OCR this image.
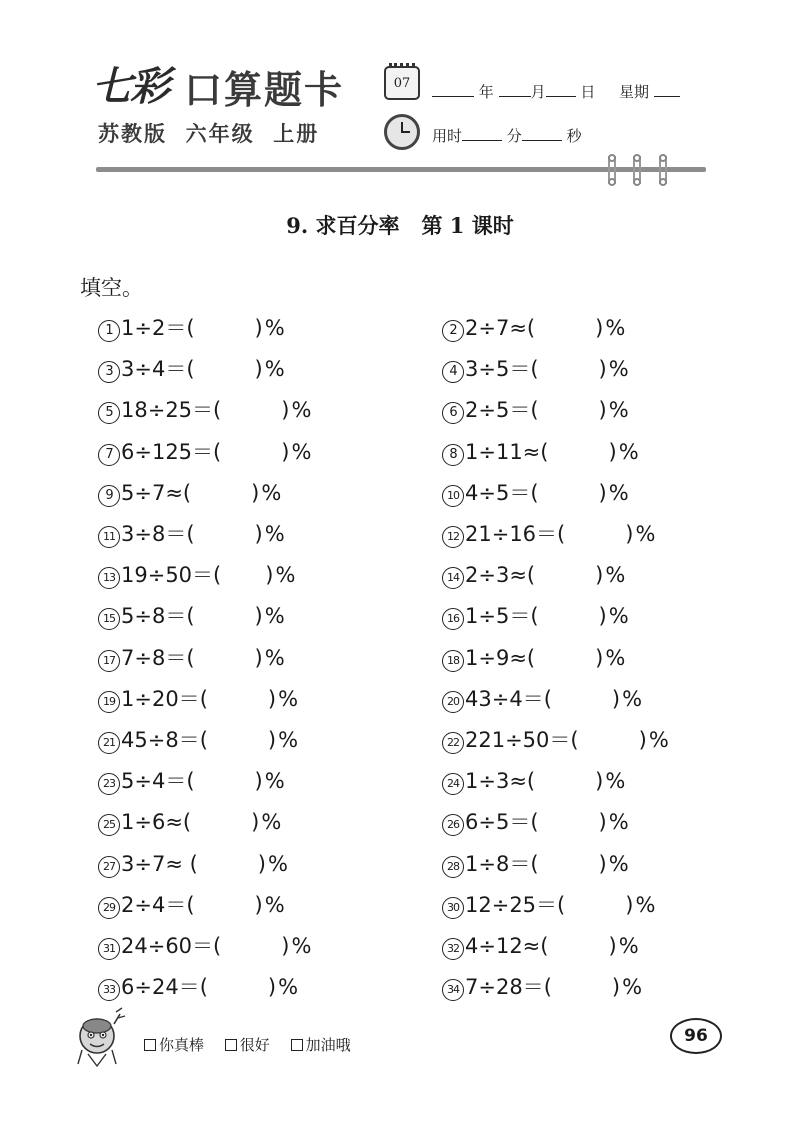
七彩 口算题卡
苏教版  六年级  上册
07	年 月 日 星期
用时	分	秒
9. 求百分率   第 1 课时
填空。
1 1÷2＝(	)%	2 2÷7≈(	)%
3 3÷4＝(	)%	4 3÷5＝(	)%
5 18÷25＝(	)%	6 2÷5＝(	)%
7 6÷125＝(	)%	8 1÷11≈(	)%
9 5÷7≈(	)%	10 4÷5＝(	)%
11 3÷8＝(	)%	12 21÷16＝(	)%
13 19÷50＝( )%	14 2÷3≈(	)%
15 5÷8＝(	)%	16 1÷5＝(	)%
17 7÷8＝(	)%	18 1÷9≈(	)%
19 1÷20＝(	)%	20 43÷4＝(	)%
21 45÷8＝(	)%	22 221÷50＝(	)%
23 5÷4＝(	)%	24 1÷3≈(	)%
25 1÷6≈(	)%	26 6÷5＝(	)%
27 3÷7≈ (	)%	28 1÷8＝(	)%
29 2÷4＝(	)%	30 12÷25＝(	)%
31 24÷60＝(	)%	32 4÷12≈(	)%
33 6÷24＝(	)%	34 7÷28＝(	)%
你真棒 很好 加油哦	96
